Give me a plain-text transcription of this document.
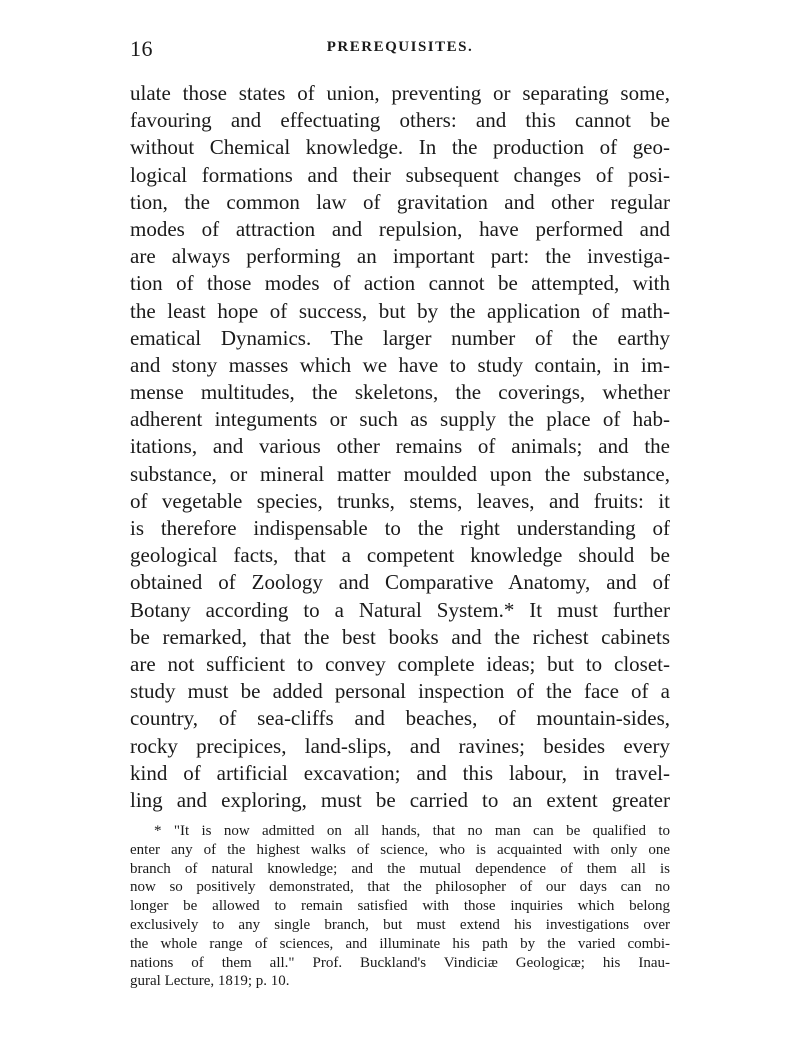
16	PREREQUISITES.
ulate those states of union, preventing or separating some,
favouring and effectuating others: and this cannot be
without Chemical knowledge. In the production of geo-
logical formations and their subsequent changes of posi-
tion, the common law of gravitation and other regular
modes of attraction and repulsion, have performed and
are always performing an important part: the investiga-
tion of those modes of action cannot be attempted, with
the least hope of success, but by the application of math-
ematical Dynamics. The larger number of the earthy
and stony masses which we have to study contain, in im-
mense multitudes, the skeletons, the coverings, whether
adherent integuments or such as supply the place of hab-
itations, and various other remains of animals; and the
substance, or mineral matter moulded upon the substance,
of vegetable species, trunks, stems, leaves, and fruits: it
is therefore indispensable to the right understanding of
geological facts, that a competent knowledge should be
obtained of Zoology and Comparative Anatomy, and of
Botany according to a Natural System.* It must further
be remarked, that the best books and the richest cabinets
are not sufficient to convey complete ideas; but to closet-
study must be added personal inspection of the face of a
country, of sea-cliffs and beaches, of mountain-sides,
rocky precipices, land-slips, and ravines; besides every
kind of artificial excavation; and this labour, in travel-
ling and exploring, must be carried to an extent greater
* "It is now admitted on all hands, that no man can be qualified to
enter any of the highest walks of science, who is acquainted with only one
branch of natural knowledge; and the mutual dependence of them all is
now so positively demonstrated, that the philosopher of our days can no
longer be allowed to remain satisfied with those inquiries which belong
exclusively to any single branch, but must extend his investigations over
the whole range of sciences, and illuminate his path by the varied combi-
nations of them all." Prof. Buckland's Vindiciæ Geologicæ; his Inau-
gural Lecture, 1819; p. 10.
